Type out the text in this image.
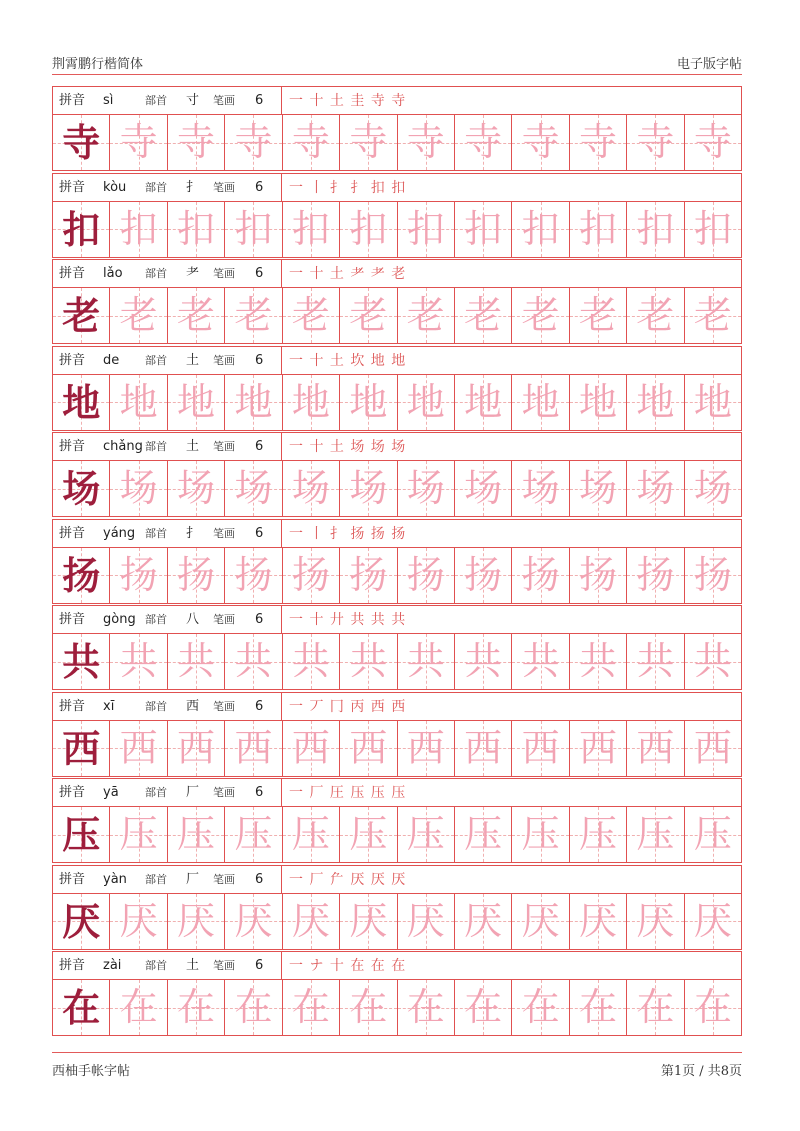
荆霄鹏行楷简体	电子版字帖
拼音 sì	部首 寸 笔画 6 一 十 土 圭 寺 寺
寺 寺 寺 寺 寺 寺 寺 寺 寺 寺 寺 寺
拼音 kòu 部首 扌 笔画 6 一 丨 扌 扌 扣 扣
扣 扣 扣 扣 扣 扣 扣 扣 扣 扣 扣 扣
拼音 lǎo 部首 耂 笔画 6 一 十 土 耂 耂 老
老 老 老 老 老 老 老 老 老 老 老 老
拼音 de 部首 土 笔画 6 一 十 土 坎 地 地
地 地 地 地 地 地 地 地 地 地 地 地
拼音 chǎng 部首 土 笔画 6 一 十 土 场 场 场
场 场 场 场 场 场 场 场 场 场 场 场
拼音 yáng 部首 扌 笔画 6 一 丨 扌 扬 扬 扬
扬 扬 扬 扬 扬 扬 扬 扬 扬 扬 扬 扬
拼音 gòng 部首 八 笔画 6 一 十 廾 共 共 共
共 共 共 共 共 共 共 共 共 共 共 共
拼音 xī	部首 西 笔画 6 一 丆 冂 丙 西 西
西 西 西 西 西 西 西 西 西 西 西 西
拼音 yā 部首 厂 笔画 6 一 厂 圧 压 压 压
压 压 压 压 压 压 压 压 压 压 压 压
拼音 yàn 部首 厂 笔画 6 一 厂 厃 厌 厌 厌
厌 厌 厌 厌 厌 厌 厌 厌 厌 厌 厌 厌
拼音 zài 部首 土 笔画 6 一 ナ 十 在 在 在
在 在 在 在 在 在 在 在 在 在 在 在
西柚手帐字帖	第1页 / 共8页
